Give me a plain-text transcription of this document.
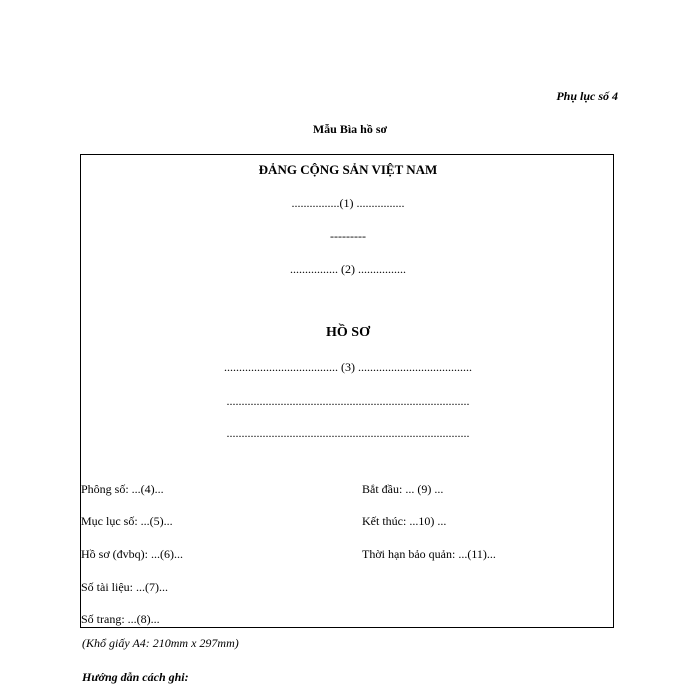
Phụ lục số 4
Mẫu Bìa hồ sơ
ĐẢNG CỘNG SẢN VIỆT NAM
................(1) ................
---------
................ (2) ................
HỒ SƠ
...................................... (3) ......................................
.................................................................................
.................................................................................
Phông số: ...(4)...
Mục lục số: ...(5)...
Hồ sơ (đvbq): ...(6)...
Số tài liệu: ...(7)...
Số trang: ...(8)...
Bắt đầu: ... (9) ...
Kết thúc: ...10) ...
Thời hạn bảo quản: ...(11)...
(Khổ giấy A4: 210mm x 297mm)
Hướng dẫn cách ghi:
